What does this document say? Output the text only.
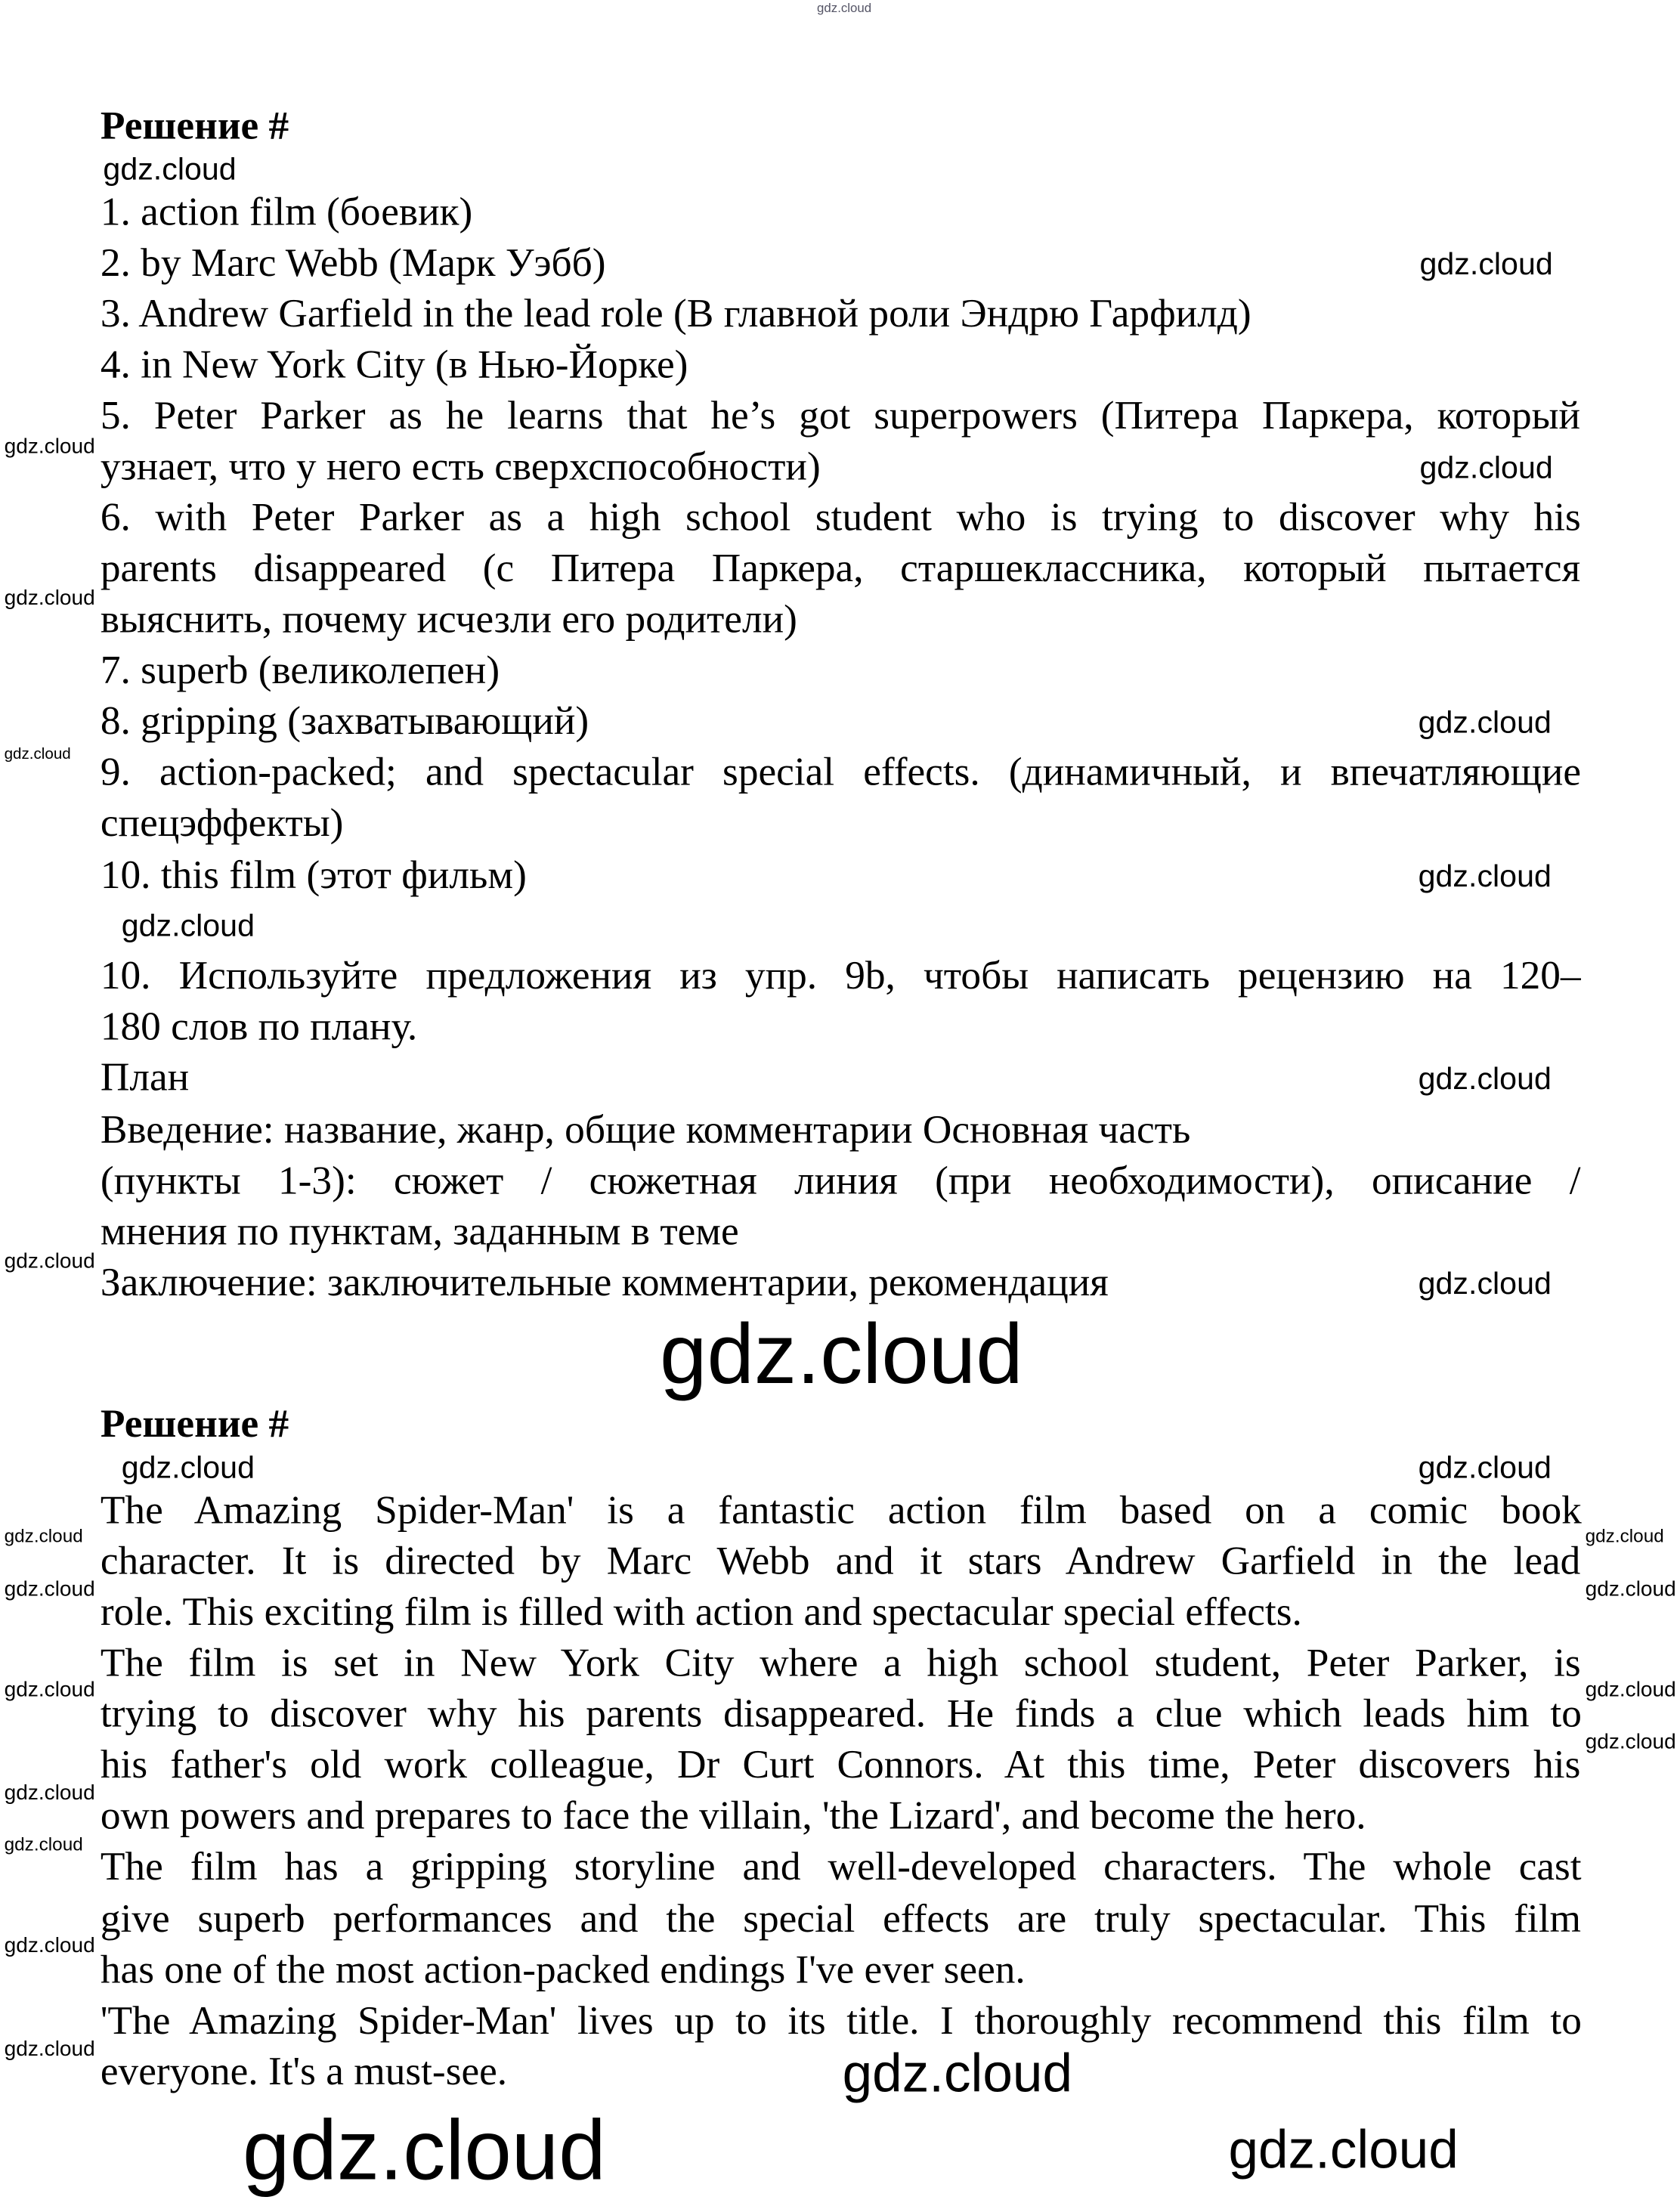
Решение #
1. action film (боевик)
2. by Marc Webb (Марк Уэбб)
3. Andrew Garfield in the lead role (В главной роли Эндрю Гарфилд)
4. in New York City (в Нью-Йорке)
5. Peter Parker as he learns that he’s got superpowers (Питера Паркера, который
узнает, что у него есть сверхспособности)
6. with Peter Parker as a high school student who is trying to discover why his
parents disappeared (с Питера Паркера, старшеклассника, который пытается
выяснить, почему исчезли его родители)
7. superb (великолепен)
8. gripping (захватывающий)
9. action-packed; and spectacular special effects. (динамичный, и впечатляющие
спецэффекты)
10. this film (этот фильм)
10. Используйте предложения из упр. 9b, чтобы написать рецензию на 120–
180 слов по плану.
План
Введение: название, жанр, общие комментарии Основная часть
(пункты 1-3): сюжет / сюжетная линия (при необходимости), описание /
мнения по пунктам, заданным в теме
Заключение: заключительные комментарии, рекомендация
Решение #
The Amazing Spider-Man' is a fantastic action film based on a comic book
character. It is directed by Marc Webb and it stars Andrew Garfield in the lead
role. This exciting film is filled with action and spectacular special effects.
The film is set in New York City where a high school student, Peter Parker, is
trying to discover why his parents disappeared. He finds a clue which leads him to
his father's old work colleague, Dr Curt Connors. At this time, Peter discovers his
own powers and prepares to face the villain, 'the Lizard', and become the hero.
The film has a gripping storyline and well-developed characters. The whole cast
give superb performances and the special effects are truly spectacular. This film
has one of the most action-packed endings I've ever seen.
'The Amazing Spider-Man' lives up to its title. I thoroughly recommend this film to
everyone. It's a must-see.
gdz.cloud
gdz.cloud
gdz.cloud
gdz.cloud
gdz.cloud
gdz.cloud
gdz.cloud
gdz.cloud
gdz.cloud
gdz.cloud
gdz.cloud
gdz.cloud
gdz.cloud
gdz.cloud
gdz.cloud
gdz.cloud	gdz.cloud
gdz.cloud	gdz.cloud
gdz.cloud	gdz.cloud
gdz.cloud	gdz.cloud
gdz.cloud
gdz.cloud
gdz.cloud
gdz.cloud
gdz.cloud
gdz.cloud	gdz.cloud
